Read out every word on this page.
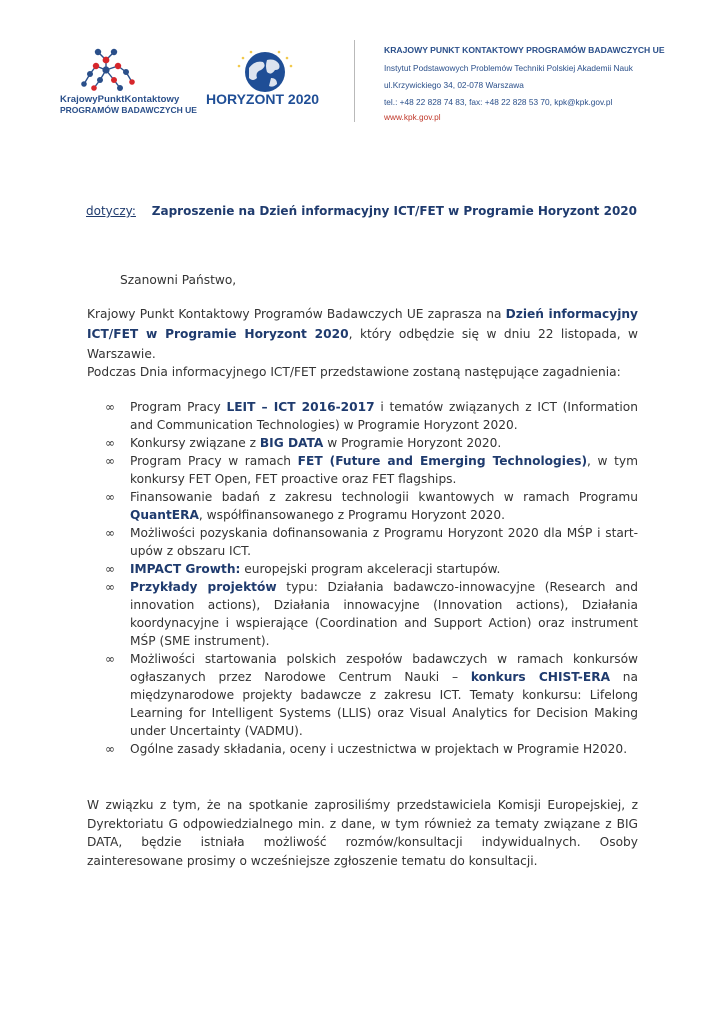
KrajowyPunktKontaktowy
PROGRAMÓW BADAWCZYCH UE
HORYZONT 2020
KRAJOWY PUNKT KONTAKTOWY PROGRAMÓW BADAWCZYCH UE
Instytut Podstawowych Problemów Techniki Polskiej Akademii Nauk
ul.Krzywickiego 34, 02-078 Warszawa
tel.: +48 22 828 74 83, fax: +48 22 828 53 70, kpk@kpk.gov.pl
www.kpk.gov.pl
dotyczy: Zaproszenie na Dzień informacyjny ICT/FET w Programie Horyzont 2020
Szanowni Państwo,
Krajowy Punkt Kontaktowy Programów Badawczych UE zaprasza na Dzień informacyjny ICT/FET w Programie Horyzont 2020, który odbędzie się w dniu 22 listopada, w Warszawie.
Podczas Dnia informacyjnego ICT/FET przedstawione zostaną następujące zagadnienia:
∞	Program Pracy LEIT – ICT 2016-2017 i tematów związanych z ICT (Information and Communication Technologies) w Programie Horyzont 2020.
∞	Konkursy związane z BIG DATA w Programie Horyzont 2020.
∞	Program Pracy w ramach FET (Future and Emerging Technologies), w tym konkursy FET Open, FET proactive oraz FET flagships.
∞	Finansowanie badań z zakresu technologii kwantowych w ramach Programu QuantERA, współfinansowanego z Programu Horyzont 2020.
∞	Możliwości pozyskania dofinansowania z Programu Horyzont 2020 dla MŚP i start-upów z obszaru ICT.
∞	IMPACT Growth: europejski program akceleracji startupów.
∞	Przykłady projektów typu: Działania badawczo-innowacyjne (Research and innovation actions), Działania innowacyjne (Innovation actions), Działania koordynacyjne i wspierające (Coordination and Support Action) oraz instrument MŚP (SME instrument).
∞	Możliwości startowania polskich zespołów badawczych w ramach konkursów ogłaszanych przez Narodowe Centrum Nauki – konkurs CHIST-ERA na międzynarodowe projekty badawcze z zakresu ICT. Tematy konkursu: Lifelong Learning for Intelligent Systems (LLIS) oraz Visual Analytics for Decision Making under Uncertainty (VADMU).
∞	Ogólne zasady składania, oceny i uczestnictwa w projektach w Programie H2020.
W związku z tym, że na spotkanie zaprosiliśmy przedstawiciela Komisji Europejskiej, z Dyrektoriatu G odpowiedzialnego min. z dane, w tym również za tematy związane z BIG DATA, będzie istniała możliwość rozmów/konsultacji indywidualnych. Osoby zainteresowane prosimy o wcześniejsze zgłoszenie tematu do konsultacji.
